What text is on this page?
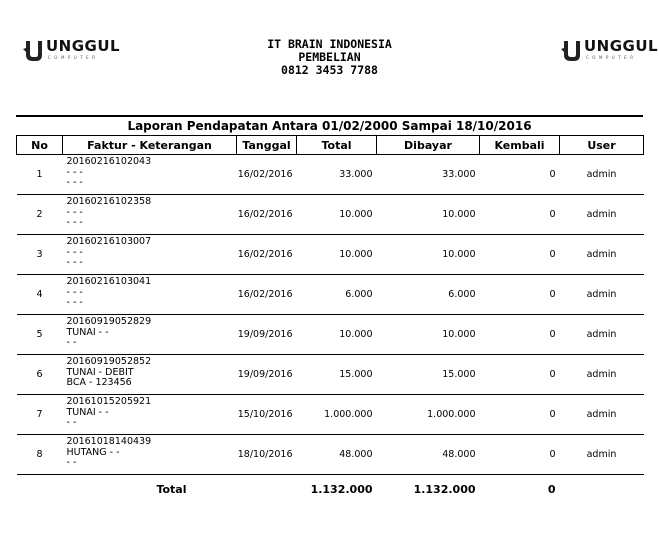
UNGGUL
COMPUTER
UNGGUL
COMPUTER
IT BRAIN INDONESIA
PEMBELIAN
0812 3453 7788
Laporan Pendapatan Antara 01/02/2000 Sampai 18/10/2016
No	Faktur - Keterangan	Tanggal	Total	Dibayar	Kembali	User
1	20160216102043
- - -
- - -	16/02/2016	33.000	33.000	0	admin
2	20160216102358
- - -
- - -	16/02/2016	10.000	10.000	0	admin
3	20160216103007
- - -
- - -	16/02/2016	10.000	10.000	0	admin
4	20160216103041
- - -
- - -	16/02/2016	6.000	6.000	0	admin
5	20160919052829
TUNAI - -
- -	19/09/2016	10.000	10.000	0	admin
6	20160919052852
TUNAI - DEBIT
BCA - 123456	19/09/2016	15.000	15.000	0	admin
7	20161015205921
TUNAI - -
- -	15/10/2016	1.000.000	1.000.000	0	admin
8	20161018140439
HUTANG - -
- -	18/10/2016	48.000	48.000	0	admin
	Total		1.132.000	1.132.000	0	
